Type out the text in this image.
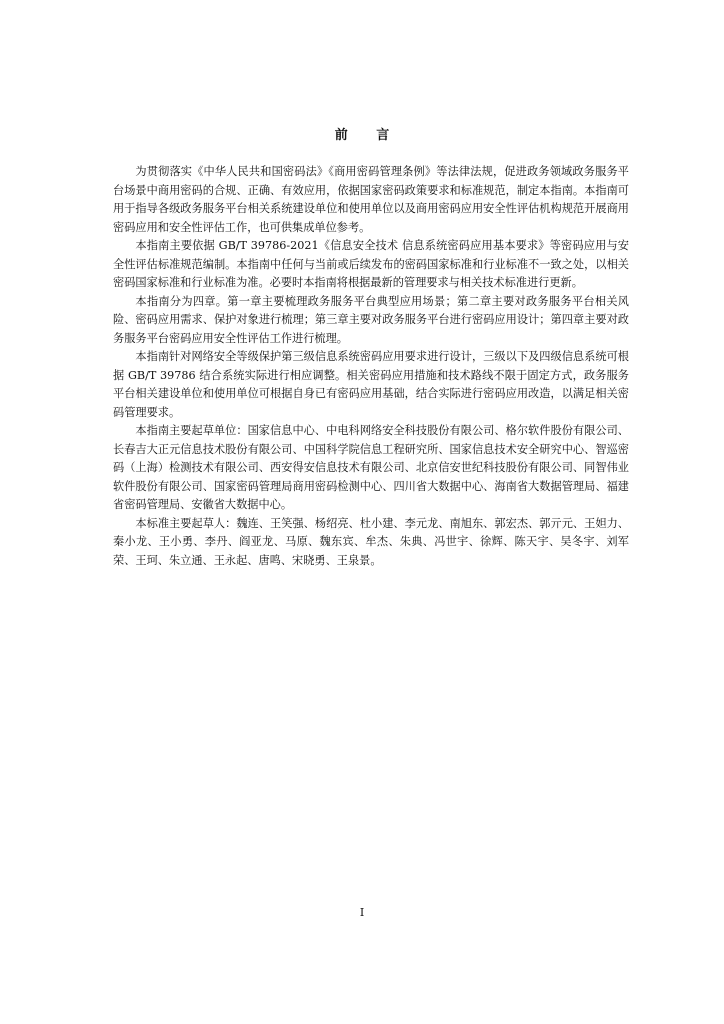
前 言

为贯彻落实《中华人民共和国密码法》《商用密码管理条例》等法律法规，促进政务领域政务服务平台场景中商用密码的合规、正确、有效应用，依据国家密码政策要求和标准规范，制定本指南。本指南可用于指导各级政务服务平台相关系统建设单位和使用单位以及商用密码应用安全性评估机构规范开展商用密码应用和安全性评估工作，也可供集成单位参考。

本指南主要依据 GB/T 39786-2021《信息安全技术 信息系统密码应用基本要求》等密码应用与安全性评估标准规范编制。本指南中任何与当前或后续发布的密码国家标准和行业标准不一致之处，以相关密码国家标准和行业标准为准。必要时本指南将根据最新的管理要求与相关技术标准进行更新。

本指南分为四章。第一章主要梳理政务服务平台典型应用场景；第二章主要对政务服务平台相关风险、密码应用需求、保护对象进行梳理；第三章主要对政务服务平台进行密码应用设计；第四章主要对政务服务平台密码应用安全性评估工作进行梳理。

本指南针对网络安全等级保护第三级信息系统密码应用要求进行设计，三级以下及四级信息系统可根据 GB/T 39786 结合系统实际进行相应调整。相关密码应用措施和技术路线不限于固定方式，政务服务平台相关建设单位和使用单位可根据自身已有密码应用基础，结合实际进行密码应用改造，以满足相关密码管理要求。

本指南主要起草单位：国家信息中心、中电科网络安全科技股份有限公司、格尔软件股份有限公司、长春吉大正元信息技术股份有限公司、中国科学院信息工程研究所、国家信息技术安全研究中心、智巡密码（上海）检测技术有限公司、西安得安信息技术有限公司、北京信安世纪科技股份有限公司、同智伟业软件股份有限公司、国家密码管理局商用密码检测中心、四川省大数据中心、海南省大数据管理局、福建省密码管理局、安徽省大数据中心。

本标准主要起草人：魏连、王笑强、杨绍亮、杜小建、李元龙、南旭东、郭宏杰、郭亓元、王妲力、秦小龙、王小勇、李丹、阎亚龙、马原、魏东宾、牟杰、朱典、冯世宇、徐辉、陈天宇、吴冬宇、刘军荣、王珂、朱立通、王永起、唐鸣、宋晓勇、王泉景。

I
